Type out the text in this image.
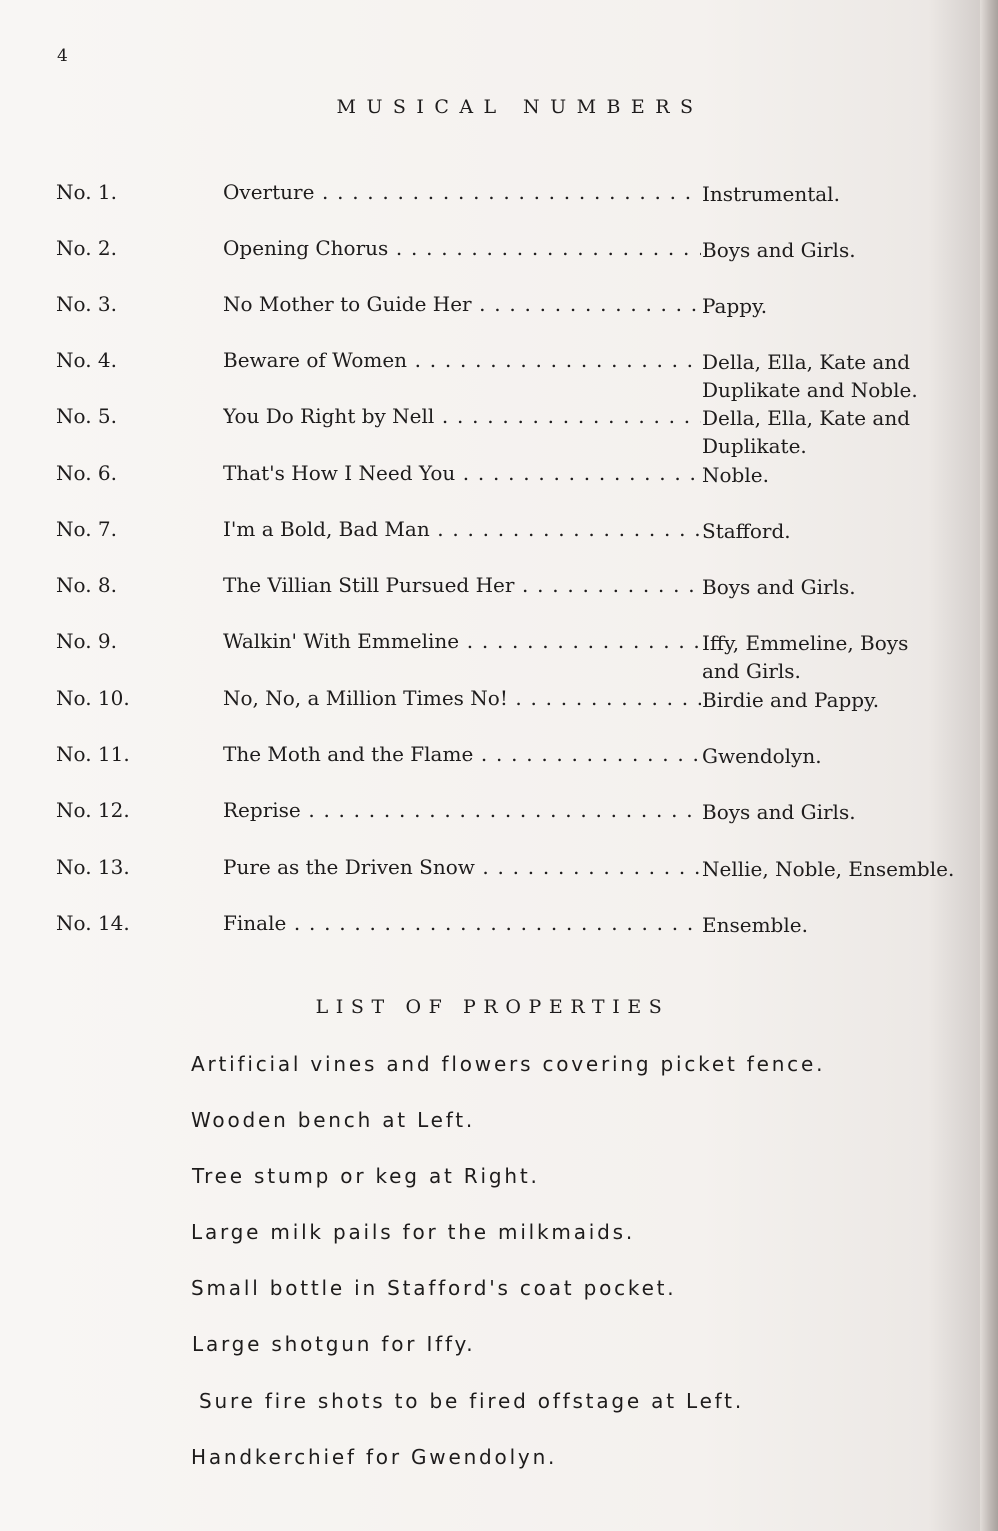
4
MUSICAL NUMBERS
No. 1.	Overture . . .	Instrumental.
No. 2.	Opening Chorus . . .	Boys and Girls.
No. 3.	No Mother to Guide Her . . .	Pappy.
No. 4.	Beware of Women . . .	Della, Ella, Kate and
Duplikate and Noble.
No. 5.	You Do Right by Nell . . .	Della, Ella, Kate and
Duplikate.
No. 6.	That's How I Need You . . .	Noble.
No. 7.	I'm a Bold, Bad Man . . .	Stafford.
No. 8.	The Villian Still Pursued Her . . .	Boys and Girls.
No. 9.	Walkin' With Emmeline . . .	Iffy, Emmeline, Boys
and Girls.
No. 10.	No, No, a Million Times No! . . .	Birdie and Pappy.
No. 11.	The Moth and the Flame . . .	Gwendolyn.
No. 12.	Reprise . . .	Boys and Girls.
No. 13.	Pure as the Driven Snow . . .	Nellie, Noble, Ensemble.
No. 14.	Finale . . .	Ensemble.
LIST OF PROPERTIES
Artificial vines and flowers covering picket fence.
Wooden bench at Left.
Tree stump or keg at Right.
Large milk pails for the milkmaids.
Small bottle in Stafford's coat pocket.
Large shotgun for Iffy.
Sure fire shots to be fired offstage at Left.
Handkerchief for Gwendolyn.
